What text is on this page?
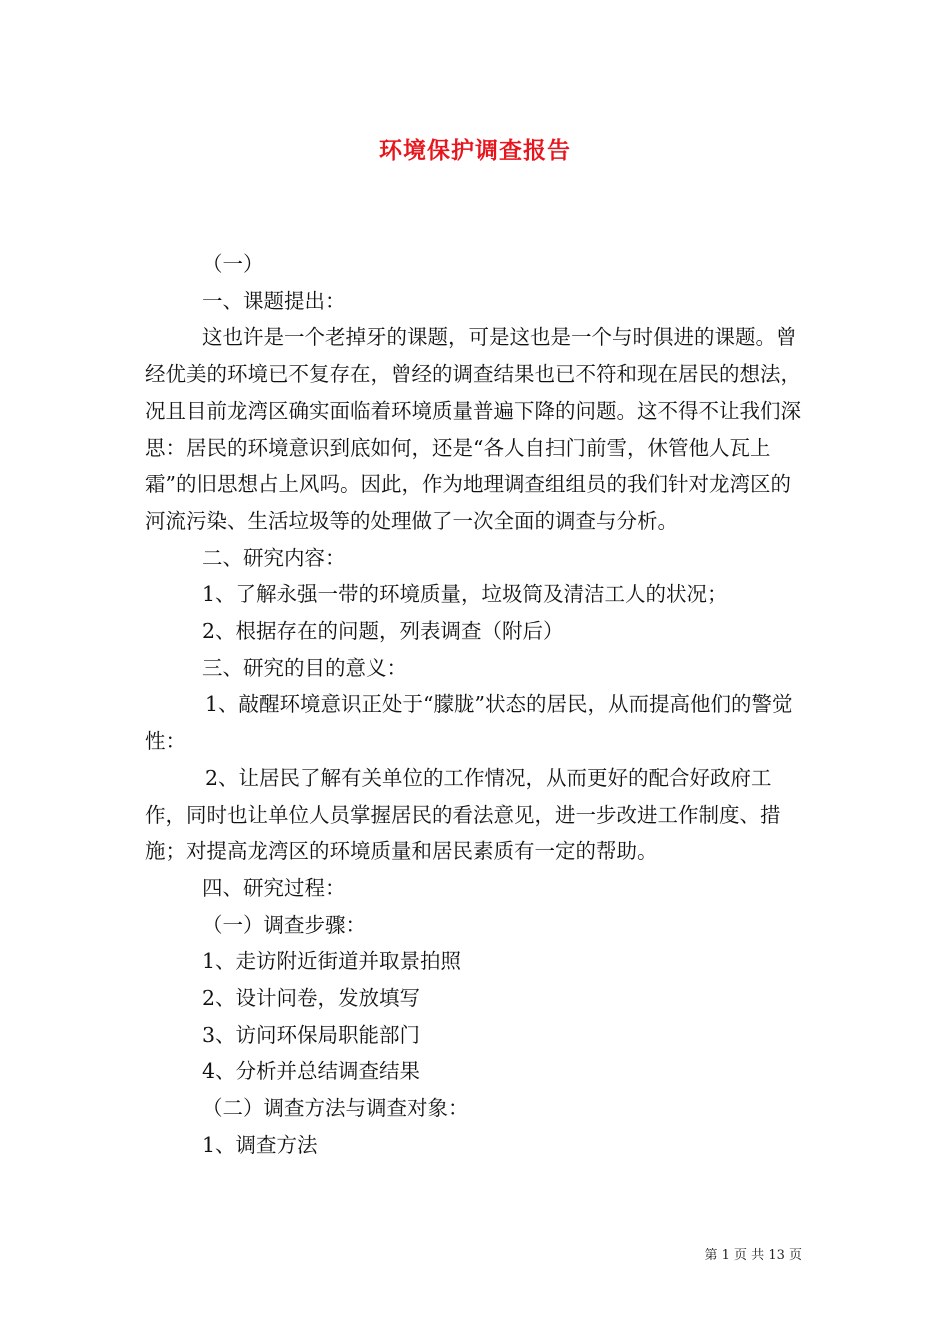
环境保护调查报告

（一）

一、课题提出：

这也许是一个老掉牙的课题，可是这也是一个与时俱进的课题。曾经优美的环境已不复存在，曾经的调查结果也已不符和现在居民的想法，况且目前龙湾区确实面临着环境质量普遍下降的问题。这不得不让我们深思：居民的环境意识到底如何，还是“各人自扫门前雪，休管他人瓦上霜”的旧思想占上风吗。因此，作为地理调查组组员的我们针对龙湾区的河流污染、生活垃圾等的处理做了一次全面的调查与分析。

二、研究内容：

1、了解永强一带的环境质量，垃圾筒及清洁工人的状况；

2、根据存在的问题，列表调查（附后）

三、研究的目的意义：

1、敲醒环境意识正处于“朦胧”状态的居民，从而提高他们的警觉性：

2、让居民了解有关单位的工作情况，从而更好的配合好政府工作，同时也让单位人员掌握居民的看法意见，进一步改进工作制度、措施；对提高龙湾区的环境质量和居民素质有一定的帮助。

四、研究过程：

（一）调查步骤：

1、走访附近街道并取景拍照

2、设计问卷，发放填写

3、访问环保局职能部门

4、分析并总结调查结果

（二）调查方法与调查对象：

1、调查方法

第 1 页 共 13 页
